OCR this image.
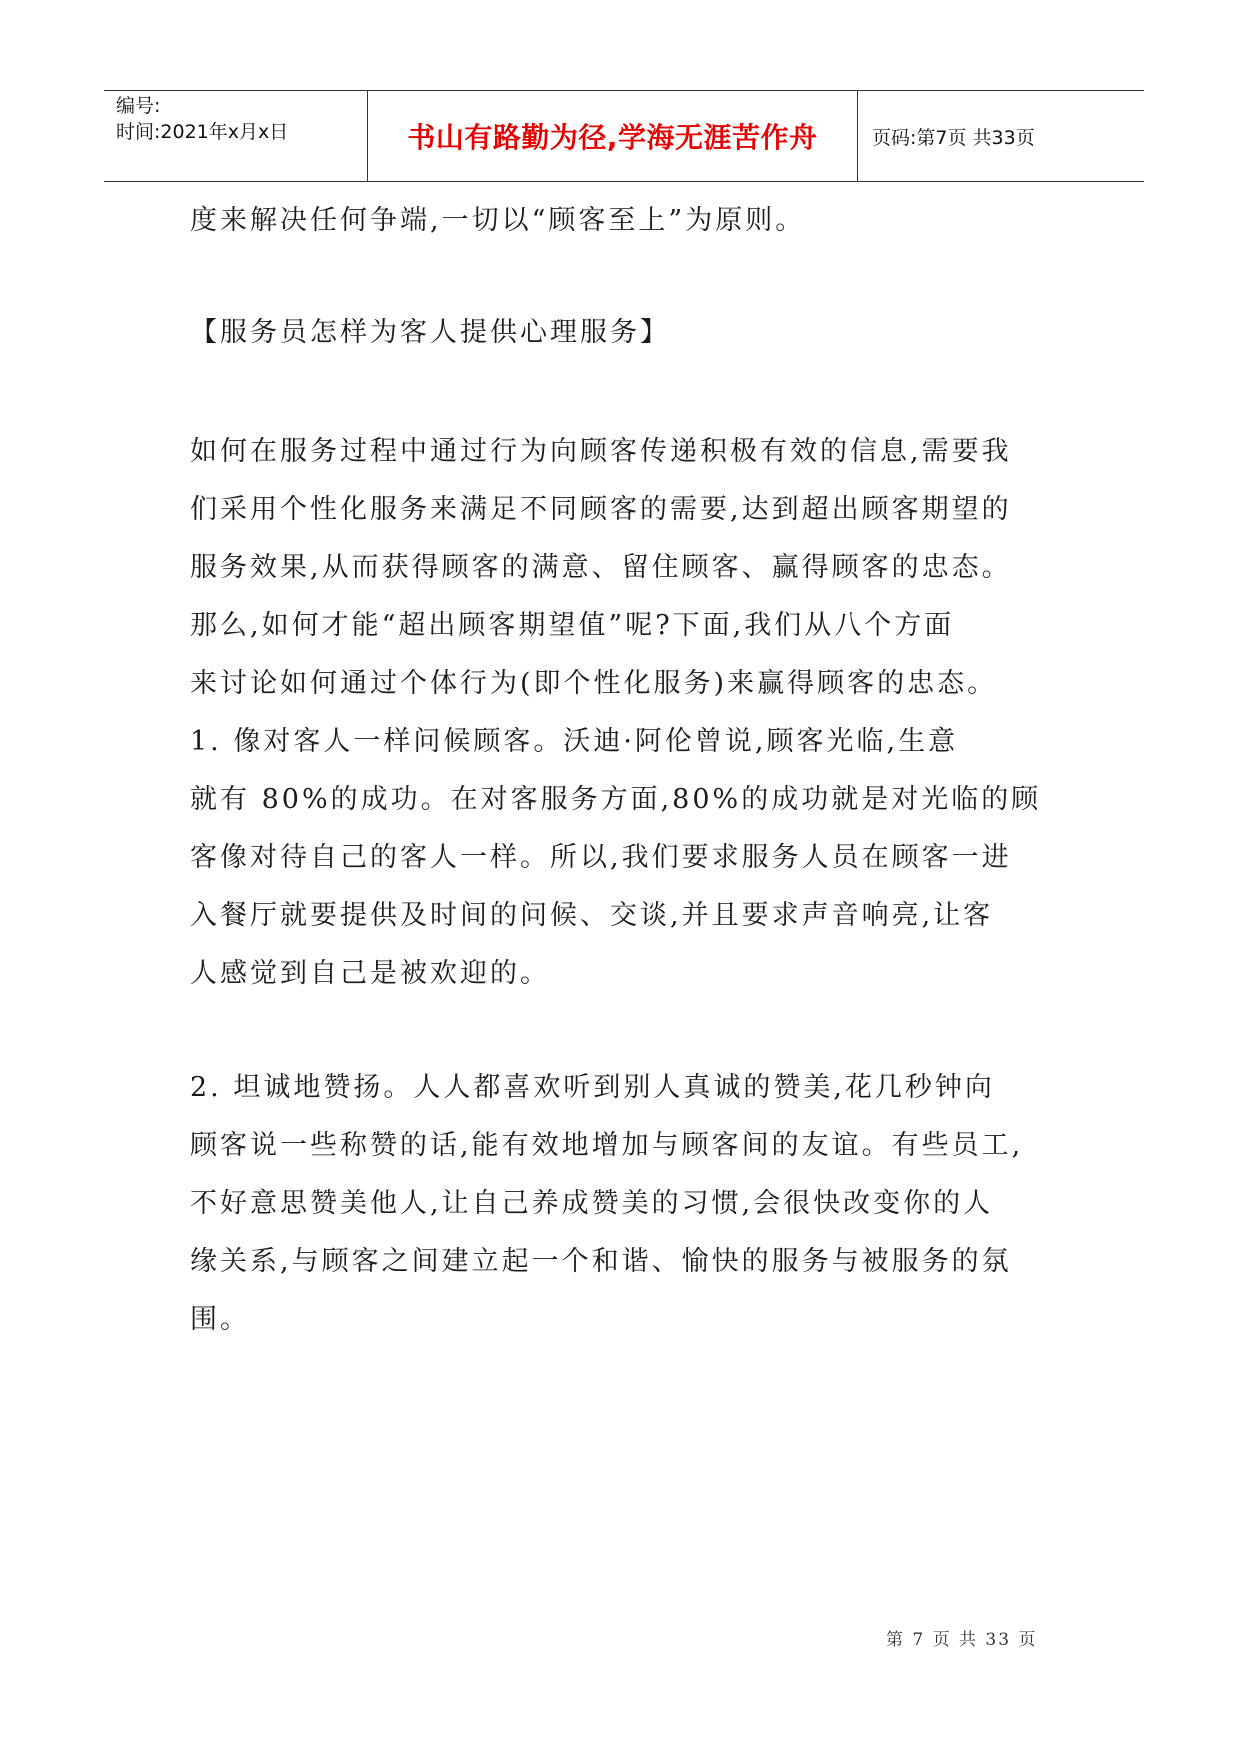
编号:
时间:2021年x月x日	书山有路勤为径,学海无涯苦作舟	页码:第7页 共33页
度来解决任何争端,一切以“顾客至上”为原则。
【服务员怎样为客人提供心理服务】
如何在服务过程中通过行为向顾客传递积极有效的信息,需要我
们采用个性化服务来满足不同顾客的需要,达到超出顾客期望的
服务效果,从而获得顾客的满意、留住顾客、赢得顾客的忠态。
那么,如何才能“超出顾客期望值”呢?下面,我们从八个方面
来讨论如何通过个体行为(即个性化服务)来赢得顾客的忠态。
1. 像对客人一样问候顾客。沃迪·阿伦曾说,顾客光临,生意
就有 80%的成功。在对客服务方面,80%的成功就是对光临的顾
客像对待自己的客人一样。所以,我们要求服务人员在顾客一进
入餐厅就要提供及时间的问候、交谈,并且要求声音响亮,让客
人感觉到自己是被欢迎的。
2. 坦诚地赞扬。人人都喜欢听到别人真诚的赞美,花几秒钟向
顾客说一些称赞的话,能有效地增加与顾客间的友谊。有些员工,
不好意思赞美他人,让自己养成赞美的习惯,会很快改变你的人
缘关系,与顾客之间建立起一个和谐、愉快的服务与被服务的氛
围。
第 7 页 共 33 页
